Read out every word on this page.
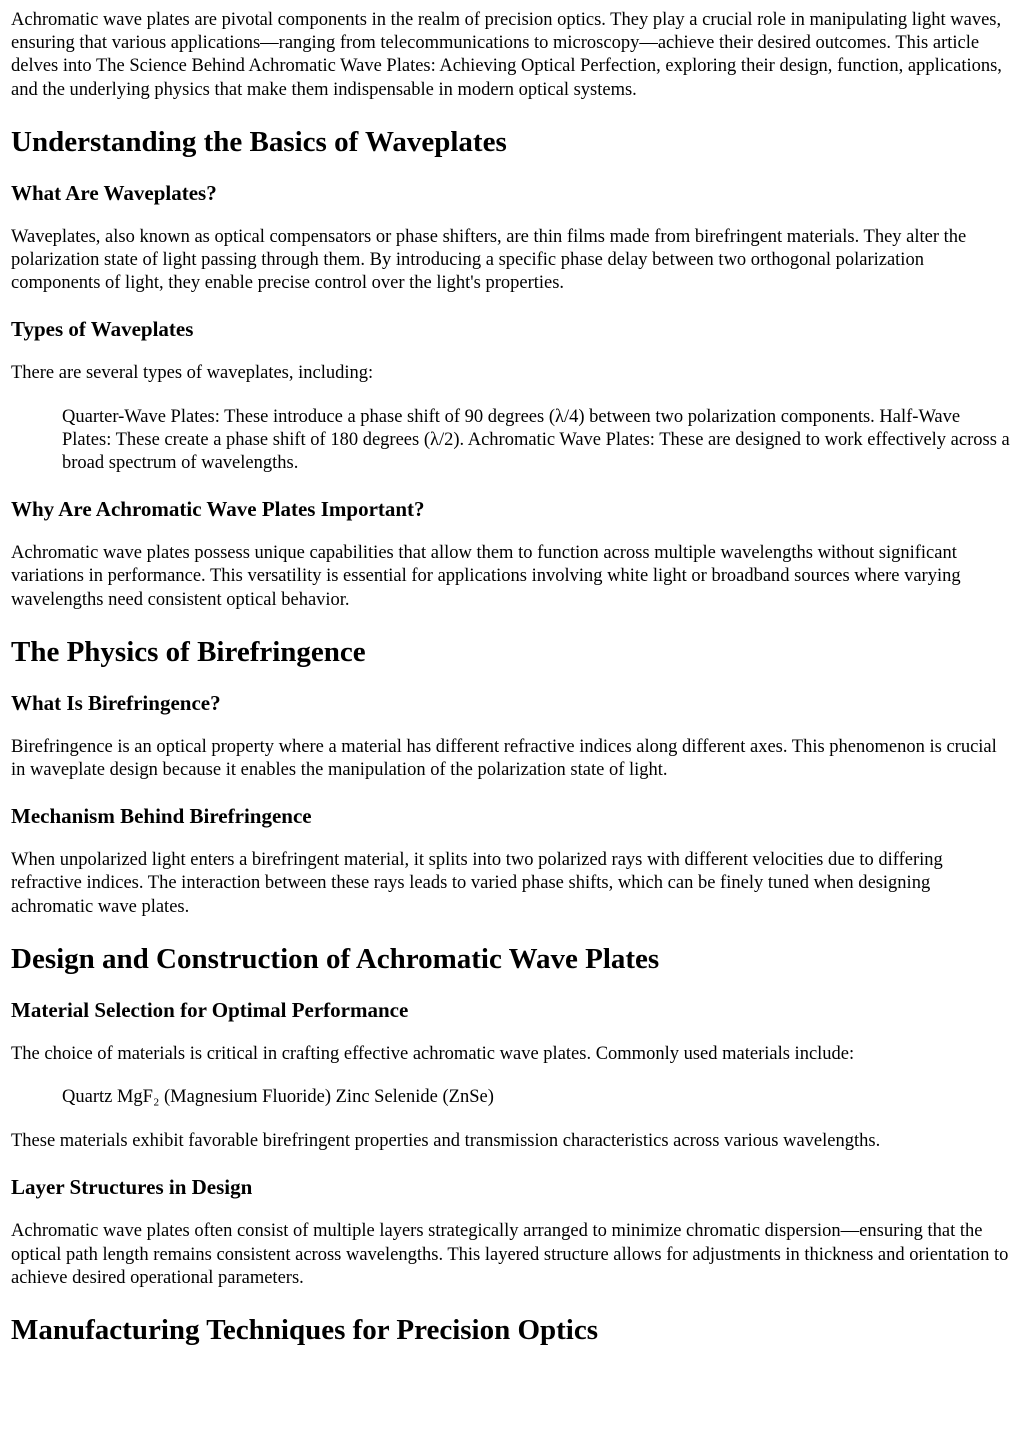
Achromatic wave plates are pivotal components in the realm of precision optics. They play a crucial role in manipulating light waves, ensuring that various applications—ranging from telecommunications to microscopy—achieve their desired outcomes. This article delves into The Science Behind Achromatic Wave Plates: Achieving Optical Perfection, exploring their design, function, applications, and the underlying physics that make them indispensable in modern optical systems.

Understanding the Basics of Waveplates
What Are Waveplates?

Waveplates, also known as optical compensators or phase shifters, are thin films made from birefringent materials. They alter the polarization state of light passing through them. By introducing a specific phase delay between two orthogonal polarization components of light, they enable precise control over the light's properties.

Types of Waveplates

There are several types of waveplates, including:

Quarter-Wave Plates: These introduce a phase shift of 90 degrees (λ/4) between two polarization components. Half-Wave Plates: These create a phase shift of 180 degrees (λ/2). Achromatic Wave Plates: These are designed to work effectively across a broad spectrum of wavelengths.
Why Are Achromatic Wave Plates Important?

Achromatic wave plates possess unique capabilities that allow them to function across multiple wavelengths without significant variations in performance. This versatility is essential for applications involving white light or broadband sources where varying wavelengths need consistent optical behavior.

The Physics of Birefringence
What Is Birefringence?

Birefringence is an optical property where a material has different refractive indices along different axes. This phenomenon is crucial in waveplate design because it enables the manipulation of the polarization state of light.

Mechanism Behind Birefringence

When unpolarized light enters a birefringent material, it splits into two polarized rays with different velocities due to differing refractive indices. The interaction between these rays leads to varied phase shifts, which can be finely tuned when designing achromatic wave plates.

Design and Construction of Achromatic Wave Plates
Material Selection for Optimal Performance

The choice of materials is critical in crafting effective achromatic wave plates. Commonly used materials include:

Quartz MgF₂ (Magnesium Fluoride) Zinc Selenide (ZnSe)

These materials exhibit favorable birefringent properties and transmission characteristics across various wavelengths.

Layer Structures in Design

Achromatic wave plates often consist of multiple layers strategically arranged to minimize chromatic dispersion—ensuring that the optical path length remains consistent across wavelengths. This layered structure allows for adjustments in thickness and orientation to achieve desired operational parameters.

Manufacturing Techniques for Precision Optics
